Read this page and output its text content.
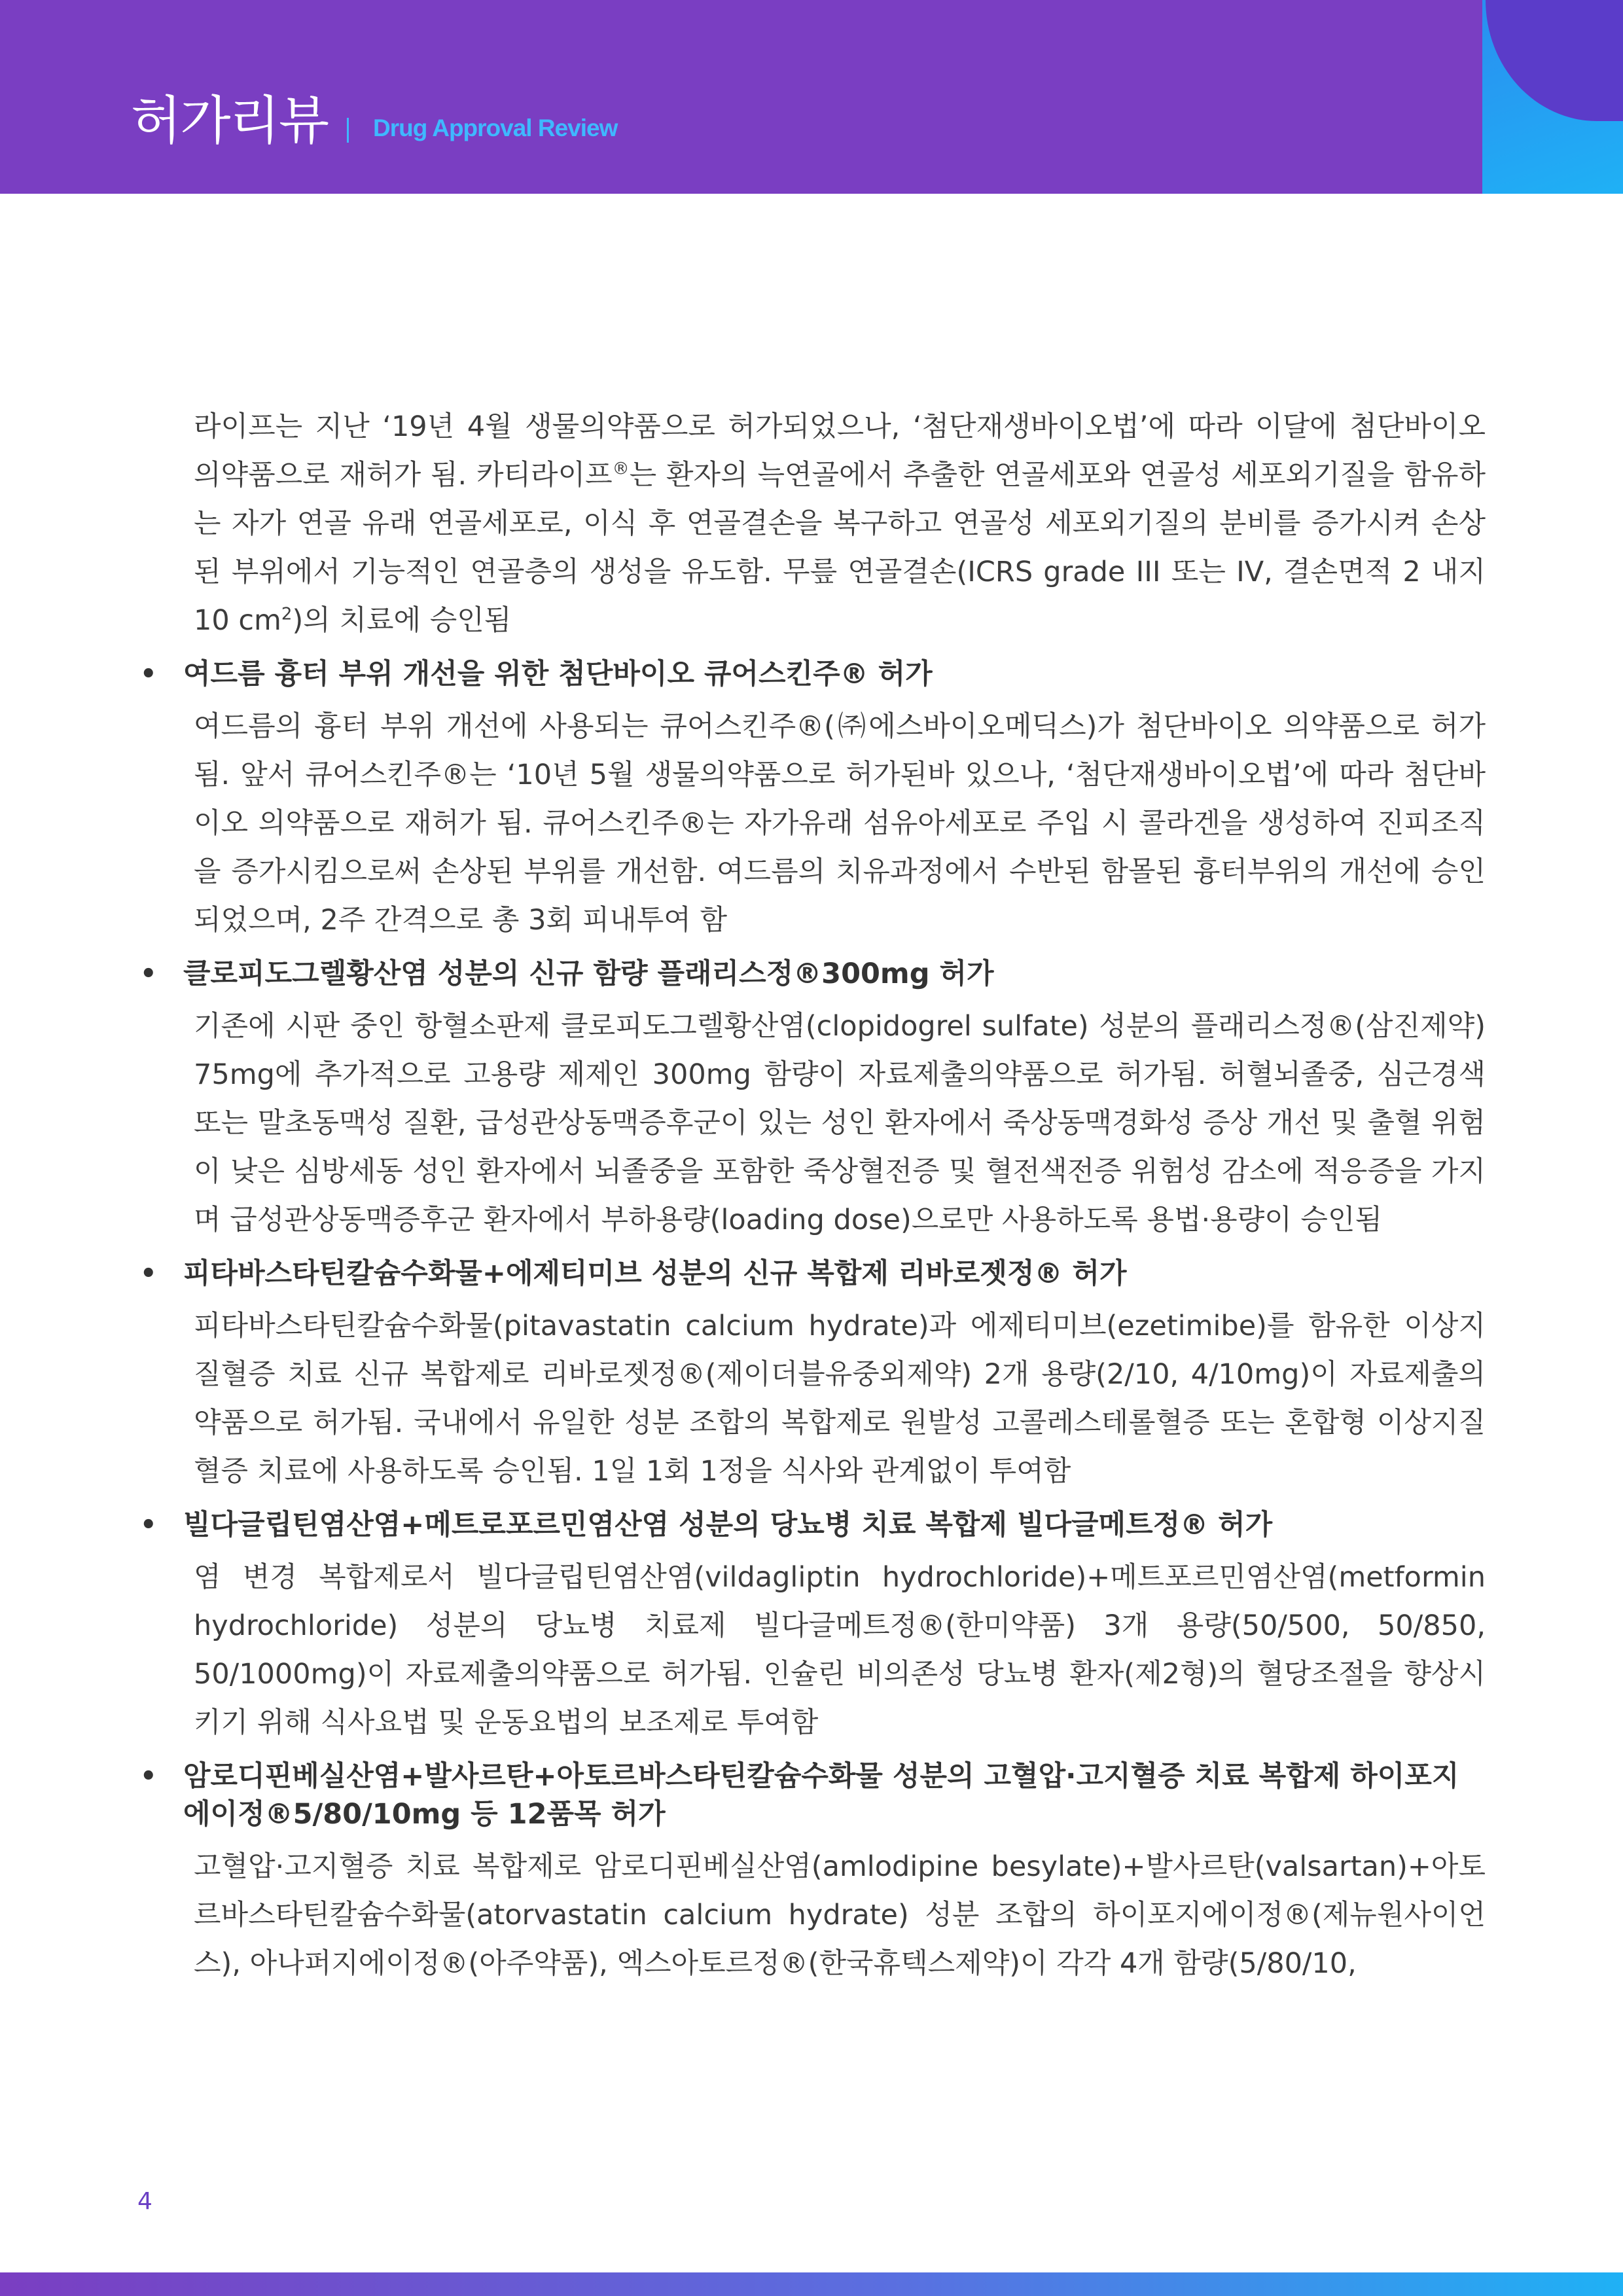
허가리뷰 Drug Approval Review

라이프는 지난 ‘19년 4월 생물의약품으로 허가되었으나, ‘첨단재생바이오법’에 따라 이달에 첨단바이오 의약품으로 재허가 됨. 카티라이프®는 환자의 늑연골에서 추출한 연골세포와 연골성 세포외기질을 함유하는 자가 연골 유래 연골세포로, 이식 후 연골결손을 복구하고 연골성 세포외기질의 분비를 증가시켜 손상된 부위에서 기능적인 연골층의 생성을 유도함. 무릎 연골결손(ICRS grade III 또는 IV, 결손면적 2 내지 10 $cm^2$)의 치료에 승인됨

• 여드름 흉터 부위 개선을 위한 첨단바이오 큐어스킨주® 허가

여드름의 흉터 부위 개선에 사용되는 큐어스킨주®(㈜에스바이오메딕스)가 첨단바이오 의약품으로 허가됨. 앞서 큐어스킨주®는 ‘10년 5월 생물의약품으로 허가된바 있으나, ‘첨단재생바이오법’에 따라 첨단바이오 의약품으로 재허가 됨. 큐어스킨주®는 자가유래 섬유아세포로 주입 시 콜라겐을 생성하여 진피조직을 증가시킴으로써 손상된 부위를 개선함. 여드름의 치유과정에서 수반된 함몰된 흉터부위의 개선에 승인되었으며, 2주 간격으로 총 3회 피내투여 함

• 클로피도그렐황산염 성분의 신규 함량 플래리스정®300mg 허가

기존에 시판 중인 항혈소판제 클로피도그렐황산염(clopidogrel sulfate) 성분의 플래리스정®(삼진제약) 75mg에 추가적으로 고용량 제제인 300mg 함량이 자료제출의약품으로 허가됨. 허혈뇌졸중, 심근경색 또는 말초동맥성 질환, 급성관상동맥증후군이 있는 성인 환자에서 죽상동맥경화성 증상 개선 및 출혈 위험이 낮은 심방세동 성인 환자에서 뇌졸중을 포함한 죽상혈전증 및 혈전색전증 위험성 감소에 적응증을 가지며 급성관상동맥증후군 환자에서 부하용량(loading dose)으로만 사용하도록 용법·용량이 승인됨

• 피타바스타틴칼슘수화물+에제티미브 성분의 신규 복합제 리바로젯정® 허가

피타바스타틴칼슘수화물(pitavastatin calcium hydrate)과 에제티미브(ezetimibe)를 함유한 이상지질혈증 치료 신규 복합제로 리바로젯정®(제이더블유중외제약) 2개 용량(2/10, 4/10mg)이 자료제출의약품으로 허가됨. 국내에서 유일한 성분 조합의 복합제로 원발성 고콜레스테롤혈증 또는 혼합형 이상지질혈증 치료에 사용하도록 승인됨. 1일 1회 1정을 식사와 관계없이 투여함

• 빌다글립틴염산염+메트로포르민염산염 성분의 당뇨병 치료 복합제 빌다글메트정® 허가

염 변경 복합제로서 빌다글립틴염산염(vildagliptin hydrochloride)+메트포르민염산염(metformin hydrochloride) 성분의 당뇨병 치료제 빌다글메트정®(한미약품) 3개 용량(50/500, 50/850, 50/1000mg)이 자료제출의약품으로 허가됨. 인슐린 비의존성 당뇨병 환자(제2형)의 혈당조절을 향상시키기 위해 식사요법 및 운동요법의 보조제로 투여함

• 암로디핀베실산염+발사르탄+아토르바스타틴칼슘수화물 성분의 고혈압·고지혈증 치료 복합제 하이포지에이정®5/80/10mg 등 12품목 허가

고혈압·고지혈증 치료 복합제로 암로디핀베실산염(amlodipine besylate)+발사르탄(valsartan)+아토르바스타틴칼슘수화물(atorvastatin calcium hydrate) 성분 조합의 하이포지에이정®(제뉴원사이언스), 아나퍼지에이정®(아주약품), 엑스아토르정®(한국휴텍스제약)이 각각 4개 함량(5/80/10,

4
